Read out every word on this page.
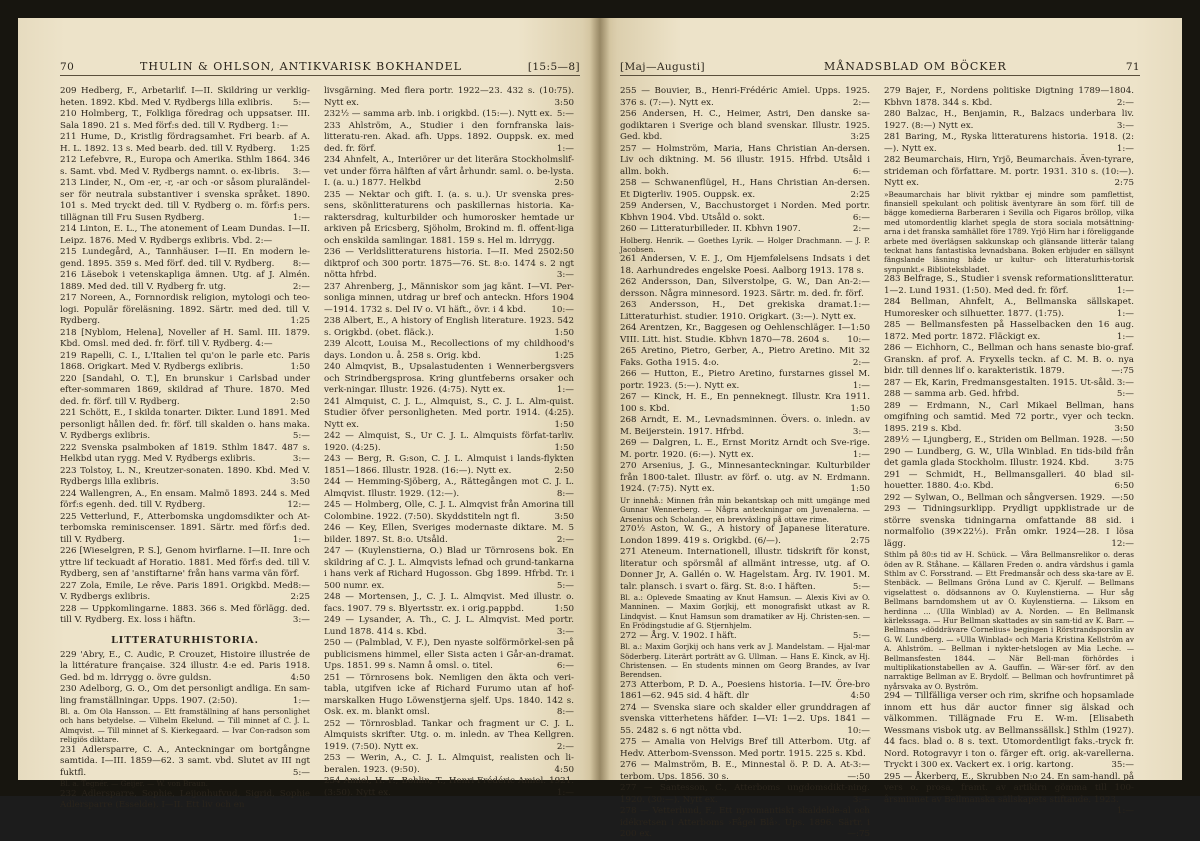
70	THULIN & OHLSON, ANTIKVARISK BOKHANDEL	[15:5—8]

209 Hedberg, F., Arbetarlif. I—II. Skildring ur verklig-heten. 1892. Kbd. Med V. Rydbergs lilla exlibris. 5:—

210 Holmberg, T., Folkliga föredrag och uppsatser. III. Sala 1890. 21 s. Med förf:s ded. till V. Rydberg. 1:—

211 Hume, D., Kristlig fördragsamhet. Fri bearb. af A. H. L. 1892. 13 s. Med bearb. ded. till V. Rydberg. 1:25

212 Lefebvre, R., Europa och Amerika. Sthlm 1864. 346 s. Samt. vbd. Med V. Rydbergs namnt. o. ex-libris. 3:—

213 Linder, N., Om -er, -r, -ar och -or såsom pluraländel-ser för neutrala substantiver i svenska språket. 1890. 101 s. Med tryckt ded. till V. Rydberg o. m. förf:s pers. tillägnan till Fru Susen Rydberg.	1:—

214 Linton, E. L., The atonement of Leam Dundas. I—II. Leipz. 1876. Med V. Rydbergs exlibris. Vbd. 2:—

215 Lundegård, A., Tannhäuser. I—II. En modern le-gend. 1895. 359 s. Med förf. ded. till V. Rydberg. 8:—

216 Läsebok i vetenskapliga ämnen. Utg. af J. Almén. 1889. Med ded. till V. Rydberg fr. utg.	2:—

217 Noreen, A., Fornnordisk religion, mytologi och teo-logi. Populär föreläsning. 1892. Särtr. med ded. till V. Rydberg.	1:25

218 [Nyblom, Helena], Noveller af H. Saml. III. 1879. Kbd. Omsl. med ded. fr. förf. till V. Rydberg. 4:—

219 Rapelli, C. I., L'Italien tel qu'on le parle etc. Paris 1868. Origkart. Med V. Rydbergs exlibris.	1:50

220 [Sandahl, O. T.], En brunskur i Carlsbad under efter-sommaren 1869, skildrad af Thure. 1870. Med ded. fr. förf. till V. Rydberg.	2:50

221 Schött, E., I skilda tonarter. Dikter. Lund 1891. Med personligt hållen ded. fr. förf. till skalden o. hans maka. V. Rydbergs exlibris.	5:—

222 Svenska psalmboken af 1819. Sthlm 1847. 487 s. Helkbd utan rygg. Med V. Rydbergs exlibris.	3:—

223 Tolstoy, L. N., Kreutzer-sonaten. 1890. Kbd. Med V. Rydbergs lilla exlibris.	3:50

224 Wallengren, A., En ensam. Malmö 1893. 244 s. Med förf:s egenh. ded. till V. Rydberg.	12:—

225 Vetterlund, F., Atterbomska ungdomsdikter och At-terbomska reminiscenser. 1891. Särtr. med förf:s ded. till V. Rydberg.	1:—

226 [Wieselgren, P. S.], Genom hvirflarne. I—II. Inre och yttre lif teckuadt af Horatio. 1881. Med förf:s ded. till V. Rydberg, sen af 'anstiftarne' från hans varma vän förf.
8:—

227 Zola, Emile, Le rêve. Paris 1891. Origkbd. Med V. Rydbergs exlibris.	2:25

228 — Uppkomlingarne. 1883. 366 s. Med förlägg. ded. till V. Rydberg. Ex. loss i häftn.	3:—

LITTERATURHISTORIA.

229 'Abry, E., C. Audic, P. Crouzet, Histoire illustrée de la littérature française. 324 illustr. 4:e ed. Paris 1918. Ged. bd m. ldrrygg o. övre guldsn.	4:50

230 Adelborg, G. O., Om det personligt andliga. En sam-ling framställningar. Upps. 1907. (2:50).	1:—

Bl. a. Om Ola Hansson. — Ett framställning af hans personlighet och hans betydelse. — Vilhelm Ekelund. — Till minnet af C. J. L. Almqvist. — Till minnet af S. Kierkegaard. — Ivar Con-radson som religiös diktare.

231 Adlersparre, C. A., Anteckningar om bortgångne samtida. I—III. 1859—62. 3 samt. vbd. Slutet av III ngt fuktfl.	5:—

Bl. a. Tegnér. — Geijer. — W. von Braun.

232 Adlersparre, Sophie, Leijonhufvud, Sigrid, Sophie Adlersparre (Esselde). I—II. Ett liv och en

livsgärning. Med flera portr. 1922—23. 432 s. (10:75). Nytt ex.	3:50

232½ — samma arb. inb. i origkbd. (15:—). Nytt ex. 5:—

233 Ahlström, A., Studier i den fornfranska lais-litteratu-ren. Akad. afh. Upps. 1892. Ouppsk. ex. med ded. fr. förf.	1:—

234 Ahnfelt, A., Interiörer ur det literära Stockholmslif-vet under förra hälften af vårt århundr. saml. o. be-lysta. I. (a. u.) 1877. Helkbd	2:50

235 — Nektar och gift. I. (a. s. u.). Ur svenska pres-sens, skönlitteraturens och paskillernas historia. Ka-raktersdrag, kulturbilder och humorosker hemtade ur arkiven på Ericsberg, Sjöholm, Brokind m. fl. offent-liga och enskilda samlingar. 1881. 159 s. Hel m. ldrrygg.
2:50

236 — Verldslitteraturens historia. I—II. Med 250 diktprof och 300 portr. 1875—76. St. 8:o. 1474 s. 2 ngt nötta hfrbd.	3:—

237 Ahrenberg, J., Människor som jag känt. I—VI. Per-sonliga minnen, utdrag ur bref och anteckn. Hfors 1904—1914. 1732 s. Del IV o. VI häft., övr. i 4 kbd.	10:—

238 Albert, E., A history of English literature. 1923. 542 s. Origkbd. (obet. fläck.).	1:50

239 Alcott, Louisa M., Recollections of my childhood's days. London u. å. 258 s. Orig. kbd.	1:25

240 Almqvist, B., Upsalastudenten i Wennerbergsvers och Strindbergsprosa. Kring gluntfeberns orsaker och verk-ningar. Illustr. 1926. (4:75). Nytt ex.	1:—

241 Almquist, C. J. L., Almquist, S., C. J. L. Alm-quist. Studier öfver personligheten. Med portr. 1914. (4:25). Nytt ex.	1:50

242 — Almquist, S., Ur C. J. L. Almquists förfat-tarliv. 1920. (4:25).	1:50

243 — Berg, R. G:son, C. J. L. Almquist i lands-flykten 1851—1866. Illustr. 1928. (16:—). Nytt ex.	2:50

244 — Hemming-Sjöberg, A., Rättegången mot C. J. L. Almqvist. Illustr. 1929. (12:—).	8:—

245 — Holmberg, Olle, C. J. L. Almqvist från Amorina till Colombine. 1922. (7:50). Skyddstiteln ngt fl.	3:50

246 — Key, Ellen, Sveriges modernaste diktare. M. 5 bilder. 1897. St. 8:o. Utsåld.	2:—

247 — (Kuylenstierna, O.) Blad ur Törnrosens bok. En skildring af C. J. L. Almqvists lefnad och grund-tankarna i hans verk af Richard Hugosson. Gbg 1899. Hfrbd. Tr. i 500 numr. ex.	5:—

248 — Mortensen, J., C. J. L. Almqvist. Med illustr. o. facs. 1907. 79 s. Blyertsstr. ex. i orig.pappbd.	1:50

249 — Lysander, A. Th., C. J. L. Almqvist. Med portr. Lund 1878. 414 s. Kbd.	3:—

250 — (Palmblad, V. F.), Den nyaste solförmörkel-sen på publicismens himmel, eller Sista acten i Går-an-dramat. Ups. 1851. 99 s. Namn å omsl. o. titel.	6:—

251 — Törnrosens bok. Nemligen den äkta och veri-tabla, utgifven icke af Richard Furumo utan af hof-marskalken Hugo Löwenstjerna sjelf. Ups. 1840. 142 s. Osk. ex. m. blankt omsl.	8:—

252 — Törnrosblad. Tankar och fragment ur C. J. L. Almquists skrifter. Utg. o. m. inledn. av Thea Kellgren. 1919. (7:50). Nytt ex.	2:—

253 — Werin, A., C. J. L. Almquist, realisten och li-beralen. 1923. (9:50).	4:50

254 Amiel, H.-F., Bohlin, T., Henri-Frédéric Amiel. 1921. (3:50). Nytt ex.	1:—

[Maj—Augusti]	MÅNADSBLAD OM BÖCKER	71

255 — Bouvier, B., Henri-Frédéric Amiel. Upps. 1925. 376 s. (7:—). Nytt ex.	2:—

256 Andersen, H. C., Heimer, Astri, Den danske sa-godiktaren i Sverige och bland svenskar. Illustr. 1925. Ged. kbd.	3:25

257 — Holmström, Maria, Hans Christian An-dersen. Liv och diktning. M. 56 illustr. 1915. Hfrbd. Utsåld i allm. bokh.	6:—

258 — Schwanenflügel, H., Hans Christian An-dersen. Et Digterliv. 1905. Ouppsk. ex.	2:25

259 Andersen, V., Bacchustorget i Norden. Med portr. Kbhvn 1904. Vbd. Utsåld o. sokt.	6:—

260 — Litteraturbilleder. II. Kbhvn 1907.	2:—

Holberg. Henrik. — Goethes Lyrik. — Holger Drachmann. — J. P. Jacobsen.

261 Andersen, V. E. J., Om Hjemfølelsens Indsats i det 18. Aarhundredes engelske Poesi. Aalborg 1913. 178 s.
2:—

262 Andersson, Dan, Silverstolpe, G. W., Dan An-dersson. Några minnesord. 1923. Särtr. m. ded. fr. förf.
1:—

263 Andersson, H., Det grekiska dramat. Litteraturhist. studier. 1910. Origkart. (3:—). Nytt ex.
1:50

264 Arentzen, Kr., Baggesen og Oehlenschläger. I—VIII. Litt. hist. Studie. Kbhvn 1870—78. 2604 s. 10:—

265 Aretino, Pietro, Gerber, A., Pietro Aretino. Mit 32 Faks. Gotha 1915. 4:o.	2:—

266 — Hutton, E., Pietro Aretino, furstarnes gissel M. portr. 1923. (5:—). Nytt ex.	1:—

267 — Kinck, H. E., En penneknegt. Illustr. Kra 1911. 100 s. Kbd.	1:50

268 Arndt, E. M., Levnadsminnen. Övers. o. inledn. av M. Beijerstein. 1917. Hfrbd.	3:—

269 — Dalgren, L. E., Ernst Moritz Arndt och Sve-rige. M. portr. 1920. (6:—). Nytt ex.	1:—

270 Arsenius, J. G., Minnesanteckningar. Kulturbilder från 1800-talet. Illustr. av förf. o. utg. av N. Erdmann. 1924. (7:75). Nytt ex.	1:50

Ur innehå.: Minnen från min bekantskap och mitt umgänge med Gunnar Wennerberg. — Några anteckningar om Juvenalerna. — Arsenius och Scholander, en brevväxling på ottave rime.

270½ Aston, W. G., A history of Japanese literature. London 1899. 419 s. Origkbd. (6/—).	2:75

271 Ateneum. Internationell, illustr. tidskrift för konst, literatur och spörsmål af allmänt intresse, utg. af O. Donner Jr, A. Gallén o. W. Hagelstam. Årg. IV. 1901. M. talr. plansch. i svart o. färg. St. 8:o. I häften.	5:—

Bl. a.: Oplevede Smaating av Knut Hamsun. — Alexis Kivi av O. Manninen. — Maxim Gorjkij, ett monografiskt utkast av R. Lindqvist. — Knut Hamsun som dramatiker av Hj. Christen-sen. — En Frödingstudie af G. Stjernhjelm.

272 — Årg. V. 1902. I häft.	5:—

Bl. a.: Maxim Gorjkij och hans verk av J. Mandelstam. — Hjal-mar Söderberg. Literärt porträtt av G. Ullman. — Hans E. Kinck, av Hj. Christensen. — En students minnen om Georg Brandes, av Ivar Berendsen.

273 Atterbom, P. D. A., Poesiens historia. I—IV. Öre-bro 1861—62. 945 sid. 4 häft. dlr	4:50

274 — Svenska siare och skalder eller grunddragen af svenska vitterhetens häfder. I—VI: 1—2. Ups. 1841 —55. 2482 s. 6 ngt nötta vbd.	10:—

275 — Amalia von Helvigs Bref till Atterbom. Utg. af Hedv. Atterbom-Svensson. Med portr. 1915. 225 s. Kbd.
3:—

276 — Malmström, B. E., Minnestal ö. P. D. A. At-terbom. Ups. 1856. 30 s.	—:50

277 — Santesson, C., Atterboms ungdomsdikt-ning. 1920. (30:—). Nytt ex.	3:—

278 — Vetterlund, F., Ett nyromantiskt skaldelde-al och idékretsen i Atterboms ›Fågel Blå›. Ups. 1896. Särtr. i 200 ex.	—:75

279 Bajer, F., Nordens politiske Digtning 1789—1804. Kbhvn 1878. 344 s. Kbd.	2:—

280 Balzac, H., Benjamin, R., Balzacs underbara liv. 1927. (8:—) Nytt ex.	3:—

281 Baring, M., Ryska litteraturens historia. 1918. (2:—). Nytt ex.	1:—

282 Beumarchais, Hirn, Yrjö, Beumarchais. Även-tyrare, strideman och författare. M. portr. 1931. 310 s. (10:—). Nytt ex.	2:75

»Beaumarchais har blivit ryktbar ej mindre som pamflettist, finansiell spekulant och politisk äventyrare än som förf. till de bägge komedierna Barberaren i Sevilla och Figaros bröllop, vilka med utomordentlig klarhet spegla de stora sociala motsättning-arna i det franska samhället före 1789. Yrjö Hirn har i föreliggande arbete med överlägsen sakkunskap och glänsande litterär talang tecknat hans fantastiska levnadsbana. Boken erbjuder en sällsynt fängslande läsning både ur kultur- och litteraturhis-torisk synpunkt.« Biblioteksbladet.

283 Belfrage, S., Studier i svensk reformationslitteratur. 1—2. Lund 1931. (1:50). Med ded. fr. förf.	1:—

284 Bellman, Ahnfelt, A., Bellmanska sällskapet. Humoresker och silhuetter. 1877. (1:75).	1:—

285 — Bellmansfesten på Hasselbacken den 16 aug. 1872. Med portr. 1872. Fläckigt ex.	1:—

286 — Eichhorn, C., Bellman och hans senaste bio-graf. Granskn. af prof. A. Fryxells teckn. af C. M. B. o. nya bidr. till dennes lif o. karakteristik. 1879.	—:75

287 — Ek, Karin, Fredmansgestalten. 1915. Ut-såld. 3:—

288 — samma arb. Ged. hfrbd.	5:—

289 — Erdmann, N., Carl Mikael Bellman, hans omgifning och samtid. Med 72 portr., vyer och teckn. 1895. 219 s. Kbd.	3:50

289½ — Ljungberg, E., Striden om Bellman. 1928. —:50

290 — Lundberg, G. W., Ulla Winblad. En tids-bild från det gamla glada Stockholm. Illustr. 1924. Kbd.	3:75

291 — Schmidt, H., Bellmansgalleri. 40 blad sil-houetter. 1880. 4:o. Kbd.	6:50

292 — Sylwan, O., Bellman och sångversen. 1929. —:50

293 — Tidningsurklipp. Prydligt uppklistrade ur de större svenska tidningarna omfattande 88 sid. i normalfolio (39×22½). Från omkr. 1924—28. I lösa lägg.	12:—

Sthlm på 80:s tid av H. Schück. — Våra Bellmansrelikor o. deras öden av R. Ståhane. — Källaren Freden o. andra värdshus i gamla Sthlm av C. Forsstrand. — Ett Fredmansår och dess ska-tare av E. Stenbäck. — Bellmans Gröna Lund av C. Kjerulf. — Bellmans vigselattest o. dödsannons av O. Kuylenstierna. — Hur såg Bellmans barndomshem ut av O. Kuylenstierna. — Liksom en herdinna … (Ulla Winblad) av A. Norden. — En Bellmansk kärlekssaga. — Hur Bellman skattades av sin sam-tid av K. Barr. — Bellmans »döddrävare Cornelius« begingen i Rörstrandsporslin av G. W. Lundberg. — »Ulla Winblad« och Maria Kristina Kellström av A. Ahlström. — Bellman i nykter-hetslogen av Mia Leche. — Bellmansfesten 1844. — När Bell-man förhördes i multiplikationstabellen av A. Gauffin. — Wär-ser förf. av den narraktige Bellman av E. Brydolf. — Bellman och hovfruntimret på nyårsvaka av O. Byström.

294 — Tillfälliga verser och rim, skrifne och hopsamlade innom ett hus där auctor finner sig älskad och välkommen. Tillägnade Fru E. W-m. [Elisabeth Wessmans visbok utg. av Bellmanssällsk.] Sthlm (1927). 44 facs. blad o. 8 s. text. Utomordentligt faks.-tryck fr. Nord. Rotogravyr i ton o. färger eft. orig. ak-varellerna. Tryckt i 300 ex. Vackert ex. i orig. kartong.	35:—

295 — Åkerberg, E., Skrubben N:o 24. En sam-handl. på vers o. prosa, framt. av artiklrn gömma till 100-årsminnet av Bellmanska sällskapets stiftande. 1923.
1:—
